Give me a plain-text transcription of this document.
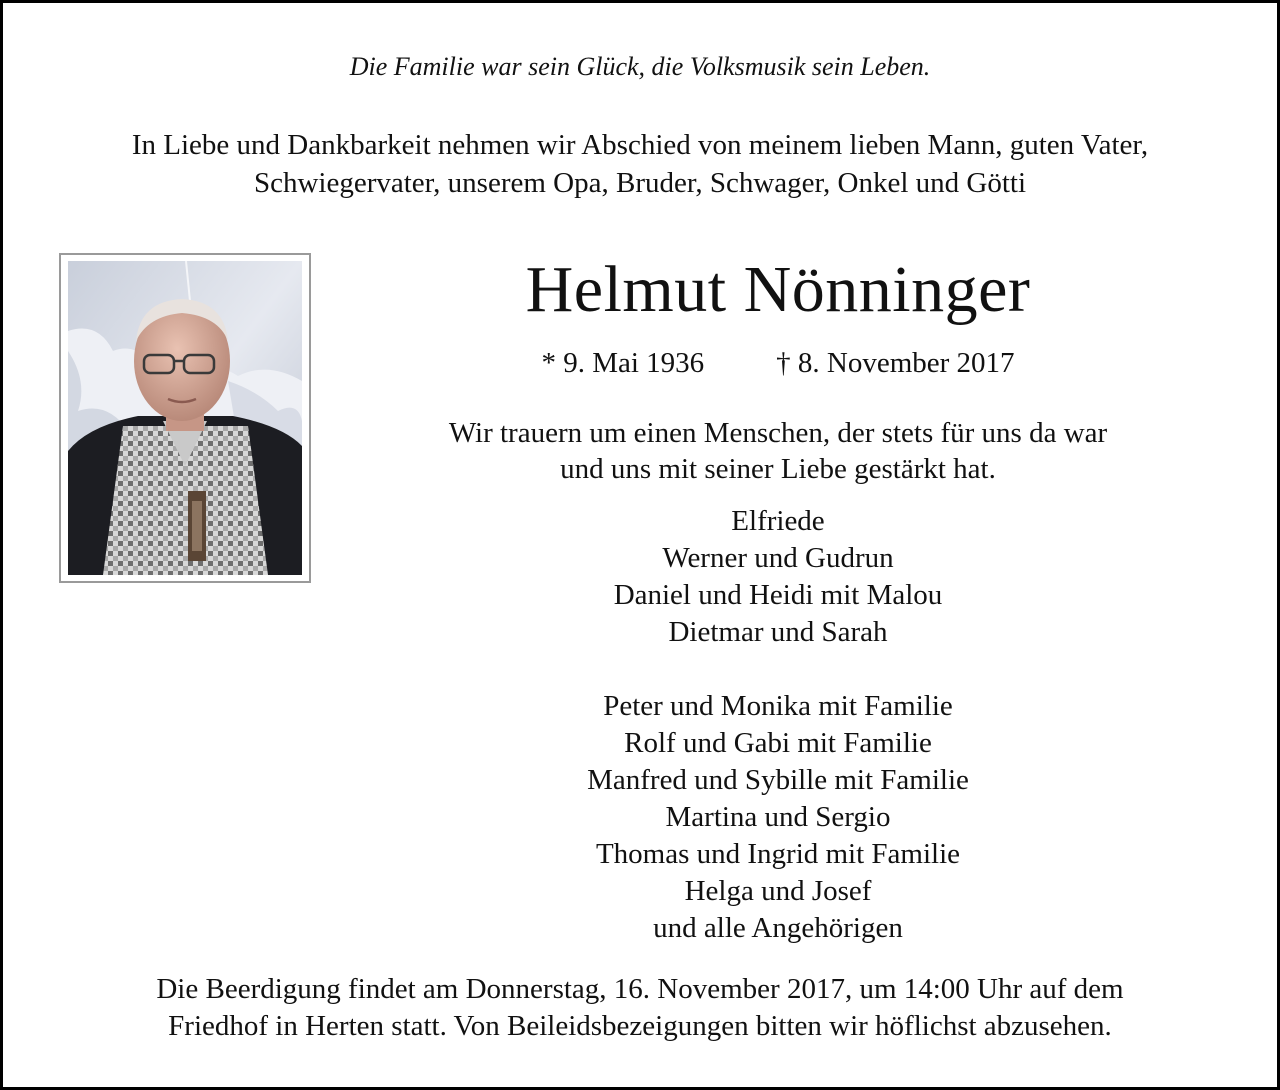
Die Familie war sein Glück, die Volksmusik sein Leben.
In Liebe und Dankbarkeit nehmen wir Abschied von meinem lieben Mann, guten Vater,
Schwiegervater, unserem Opa, Bruder, Schwager, Onkel und Götti
Helmut Nönninger
* 9. Mai 1936 † 8. November 2017
Wir trauern um einen Menschen, der stets für uns da war
und uns mit seiner Liebe gestärkt hat.
Elfriede
Werner und Gudrun
Daniel und Heidi mit Malou
Dietmar und Sarah
Peter und Monika mit Familie
Rolf und Gabi mit Familie
Manfred und Sybille mit Familie
Martina und Sergio
Thomas und Ingrid mit Familie
Helga und Josef
und alle Angehörigen
Die Beerdigung findet am Donnerstag, 16. November 2017, um 14:00 Uhr auf dem
Friedhof in Herten statt. Von Beileidsbezeigungen bitten wir höflichst abzusehen.
